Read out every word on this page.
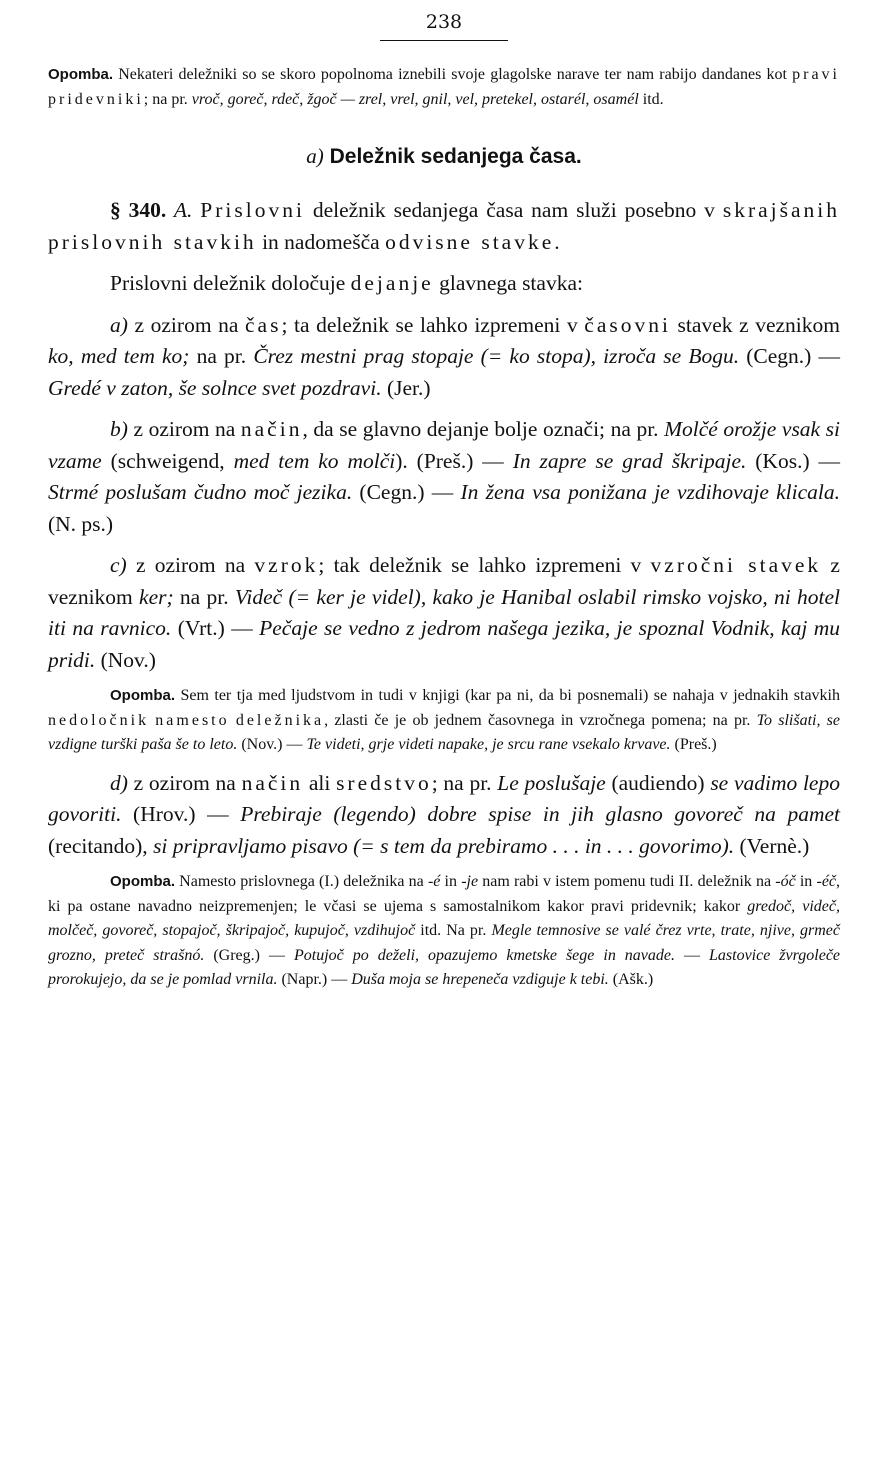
238

Opomba. Nekateri deležniki so se skoro popolnoma iznebili svoje glagolske narave ter nam rabijo dandanes kot pravi pridevniki; na pr. vroč, goreč, rdeč, žgoč — zrel, vrel, gnil, vel, pretekel, ostarél, osamél itd.

a) Deležnik sedanjega časa.

§ 340. A. Prislovni deležnik sedanjega časa nam služi posebno v skrajšanih prislovnih stavkih in nadomešča odvisne stavke.

Prislovni deležnik določuje dejanje glavnega stavka:

a) z ozirom na čas; ta deležnik se lahko izpremeni v časovni stavek z veznikom ko, med tem ko; na pr. Črez mestni prag stopaje (= ko stopa), izroča se Bogu. (Cegn.) — Gredé v zaton, še solnce svet pozdravi. (Jer.)

b) z ozirom na način, da se glavno dejanje bolje označi; na pr. Molčé orožje vsak si vzame (schweigend, med tem ko molči). (Preš.) — In zapre se grad škripaje. (Kos.) — Strmé poslušam čudno moč jezika. (Cegn.) — In žena vsa ponižana je vzdihovaje klicala. (N. ps.)

c) z ozirom na vzrok; tak deležnik se lahko izpremeni v vzročni stavek z veznikom ker; na pr. Videč (= ker je videl), kako je Hanibal oslabil rimsko vojsko, ni hotel iti na ravnico. (Vrt.) — Pečaje se vedno z jedrom našega jezika, je spoznal Vodnik, kaj mu pridi. (Nov.)

Opomba. Sem ter tja med ljudstvom in tudi v knjigi (kar pa ni, da bi posnemali) se nahaja v jednakih stavkih nedoločnik namesto deležnika, zlasti če je ob jednem časovnega in vzročnega pomena; na pr. To slišati, se vzdigne turški paša še to leto. (Nov.) — Te videti, grje videti napake, je srcu rane vsekalo krvave. (Preš.)

d) z ozirom na način ali sredstvo; na pr. Le poslušaje (audiendo) se vadimo lepo govoriti. (Hrov.) — Prebiraje (legendo) dobre spise in jih glasno govoreč na pamet (recitando), si pripravljamo pisavo (= s tem da prebiramo . . . in . . . govorimo). (Vernè.)

Opomba. Namesto prislovnega (I.) deležnika na -é in -je nam rabi v istem pomenu tudi II. deležnik na -óč in -éč, ki pa ostane navadno neizpremenjen; le včasi se ujema s samostalnikom kakor pravi pridevnik; kakor gredoč, videč, molčeč, govoreč, stopajoč, škripajoč, kupujoč, vzdihujoč itd. Na pr. Megle temnosive se valé črez vrte, trate, njive, grmeč grozno, preteč strašnó. (Greg.) — Potujoč po deželi, opazujemo kmetske šege in navade. — Lastovice žvrgoleče prorokujejo, da se je pomlad vrnila. (Napr.) — Duša moja se hrepeneča vzdiguje k tebi. (Ašk.)
